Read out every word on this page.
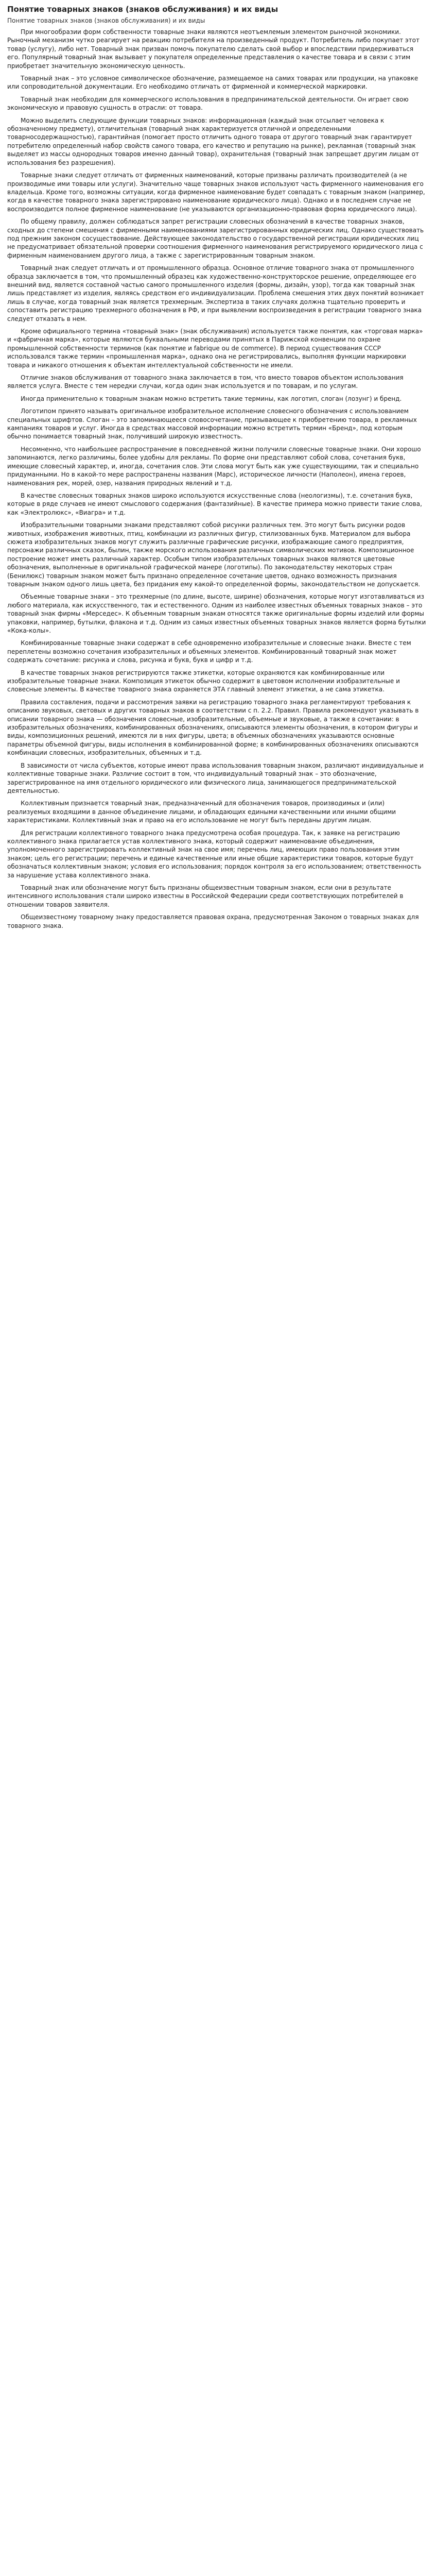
Понятие товарных знаков (знаков обслуживания) и их виды
Понятие товарных знаков (знаков обслуживания) и их виды

При многообразии форм собственности товарные знаки являются неотъемлемым элементом рыночной экономики. Рыночный механизм чутко реагирует на реакцию потребителя на произведенный продукт. Потребитель либо покупает этот товар (услугу), либо нет. Товарный знак призван помочь покупателю сделать свой выбор и впоследствии придерживаться его. Популярный товарный знак вызывает у покупателя определенные представления о качестве товара и в связи с этим приобретает значительную экономическую ценность.

Товарный знак – это условное символическое обозначение, размещаемое на самих товарах или продукции, на упаковке или сопроводительной документации. Его необходимо отличать от фирменной и коммерческой маркировки.

Товарный знак необходим для коммерческого использования в предпринимательской деятельности. Он играет свою экономическую и правовую сущность в отрасли: от товара.

Можно выделить следующие функции товарных знаков: информационная (каждый знак отсылает человека к обозначенному предмету), отличительная (товарный знак характеризуется отличной и определенными товарносодержащностью), гарантийная (помогает просто отличить одного товара от другого товарный знак гарантирует потребителю определенный набор свойств самого товара, его качество и репутацию на рынке), рекламная (товарный знак выделяет из массы однородных товаров именно данный товар), охранительная (товарный знак запрещает другим лицам от использования без разрешения).

Товарные знаки следует отличать от фирменных наименований, которые призваны различать производителей (а не производимые ими товары или услуги). Значительно чаще товарных знаков используют часть фирменного наименования его владельца. Кроме того, возможны ситуации, когда фирменное наименование будет совпадать с товарным знаком (например, когда в качестве товарного знака зарегистрировано наименование юридического лица). Однако и в последнем случае не воспроизводится полное фирменное наименование (не указываются организационно-правовая форма юридического лица).

По общему правилу, должен соблюдаться запрет регистрации словесных обозначений в качестве товарных знаков, сходных до степени смешения с фирменными наименованиями зарегистрированных юридических лиц. Однако существовать под прежним законом сосуществование. Действующее законодательство о государственной регистрации юридических лиц не предусматривает обязательной проверки соотношения фирменного наименования регистрируемого юридического лица с фирменным наименованием другого лица, а также с зарегистрированным товарным знаком.

Товарный знак следует отличать и от промышленного образца. Основное отличие товарного знака от промышленного образца заключается в том, что промышленный образец как художественно-конструкторское решение, определяющее его внешний вид, является составной частью самого промышленного изделия (формы, дизайн, узор), тогда как товарный знак лишь представляет из изделия, являясь средством его индивидуализации. Проблема смешения этих двух понятий возникает лишь в случае, когда товарный знак является трехмерным. Экспертиза в таких случаях должна тщательно проверить и сопоставить регистрацию трехмерного обозначения в РФ, и при выявлении воспроизведения в регистрации товарного знака следует отказать в нем.

Кроме официального термина «товарный знак» (знак обслуживания) используется также понятия, как «торговая марка» и «фабричная марка», которые являются буквальными переводами принятых в Парижской конвенции по охране промышленной собственности терминов (как понятие и fabrique ou de commerce). В период существования СССР использовался также термин «промышленная марка», однако она не регистрировались, выполняя функции маркировки товара и никакого отношения к объектам интеллектуальной собственности не имели.

Отличие знаков обслуживания от товарного знака заключается в том, что вместо товаров объектом использования является услуга. Вместе с тем нередки случаи, когда один знак используется и по товарам, и по услугам.

Иногда применительно к товарным знакам можно встретить такие термины, как логотип, слоган (лозунг) и бренд.

Логотипом принято называть оригинальное изобразительное исполнение словесного обозначения с использованием специальных шрифтов. Слоган – это запоминающееся словосочетание, призывающее к приобретению товара, в рекламных кампаниях товаров и услуг. Иногда в средствах массовой информации можно встретить термин «Бренд», под которым обычно понимается товарный знак, получивший широкую известность.

Несомненно, что наибольшее распространение в повседневной жизни получили словесные товарные знаки. Они хорошо запоминаются, легко различимы, более удобны для рекламы. По форме они представляют собой слова, сочетания букв, имеющие словесный характер, и, иногда, сочетания слов. Эти слова могут быть как уже существующими, так и специально придуманными. Но в какой-то мере распространены названия (Марс), историческое личности (Наполеон), имена героев, наименования рек, морей, озер, названия природных явлений и т.д.

В качестве словесных товарных знаков широко используются искусственные слова (неологизмы), т.е. сочетания букв, которые в ряде случаев не имеют смыслового содержания (фантазийные). В качестве примера можно привести такие слова, как «Электролюкс», «Виагра» и т.д.

Изобразительными товарными знаками представляют собой рисунки различных тем. Это могут быть рисунки родов животных, изображения животных, птиц, комбинации из различных фигур, стилизованных букв. Материалом для выбора сюжета изобразительных знаков могут служить различные графические рисунки, изображающие самого предприятия, персонажи различных сказок, былин, также морского использования различных символических мотивов. Композиционное построение может иметь различный характер. Особым типом изобразительных товарных знаков являются цветовые обозначения, выполненные в оригинальной графической манере (логотипы). По законодательству некоторых стран (Бенилюкс) товарным знаком может быть признано определенное сочетание цветов, однако возможность признания товарным знаком одного лишь цвета, без придания ему какой-то определенной формы, законодательством не допускается.

Объемные товарные знаки – это трехмерные (по длине, высоте, ширине) обозначения, которые могут изготавливаться из любого материала, как искусственного, так и естественного. Одним из наиболее известных объемных товарных знаков – это товарный знак фирмы «Мерседес». К объемным товарным знакам относятся также оригинальные формы изделий или формы упаковки, например, бутылки, флакона и т.д. Одним из самых известных объемных товарных знаков является форма бутылки «Кока-колы».

Комбинированные товарные знаки содержат в себе одновременно изобразительные и словесные знаки. Вместе с тем переплетены возможно сочетания изобразительных и объемных элементов. Комбинированный товарный знак может содержать сочетание: рисунка и слова, рисунка и букв, букв и цифр и т.д.

В качестве товарных знаков регистрируются также этикетки, которые охраняются как комбинированные или изобразительные товарные знаки. Композиция этикеток обычно содержит в цветовом исполнении изобразительные и словесные элементы. В качестве товарного знака охраняется ЭТА главный элемент этикетки, а не сама этикетка.

Правила составления, подачи и рассмотрения заявки на регистрацию товарного знака регламентируют требования к описанию звуковых, световых и других товарных знаков в соответствии с п. 2.2. Правил. Правила рекомендуют указывать в описании товарного знака — обозначения словесные, изобразительные, объемные и звуковые, а также в сочетании: в изобразительных обозначениях, комбинированных обозначениях, описываются элементы обозначения, в котором фигуры и виды, композиционных решений, имеются ли в них фигуры, цвета; в объемных обозначениях указываются основные параметры объемной фигуры, виды исполнения в комбинированной форме; в комбинированных обозначениях описываются комбинации словесных, изобразительных, объемных и т.д.

В зависимости от числа субъектов, которые имеют права использования товарным знаком, различают индивидуальные и коллективные товарные знаки. Различие состоит в том, что индивидуальный товарный знак – это обозначение, зарегистрированное на имя отдельного юридического или физического лица, занимающегося предпринимательской деятельностью.

Коллективным признается товарный знак, предназначенный для обозначения товаров, производимых и (или) реализуемых входящими в данное объединение лицами, и обладающих едиными качественными или иными общими характеристиками. Коллективный знак и право на его использование не могут быть переданы другим лицам.

Для регистрации коллективного товарного знака предусмотрена особая процедура. Так, к заявке на регистрацию коллективного знака прилагается устав коллективного знака, который содержит наименование объединения, уполномоченного зарегистрировать коллективный знак на свое имя; перечень лиц, имеющих право пользования этим знаком; цель его регистрации; перечень и единые качественные или иные общие характеристики товаров, которые будут обозначаться коллективным знаком; условия его использования; порядок контроля за его использованием; ответственность за нарушение устава коллективного знака.

Товарный знак или обозначение могут быть признаны общеизвестным товарным знаком, если они в результате интенсивного использования стали широко известны в Российской Федерации среди соответствующих потребителей в отношении товаров заявителя.

Общеизвестному товарному знаку предоставляется правовая охрана, предусмотренная Законом о товарных знаках для товарного знака.
